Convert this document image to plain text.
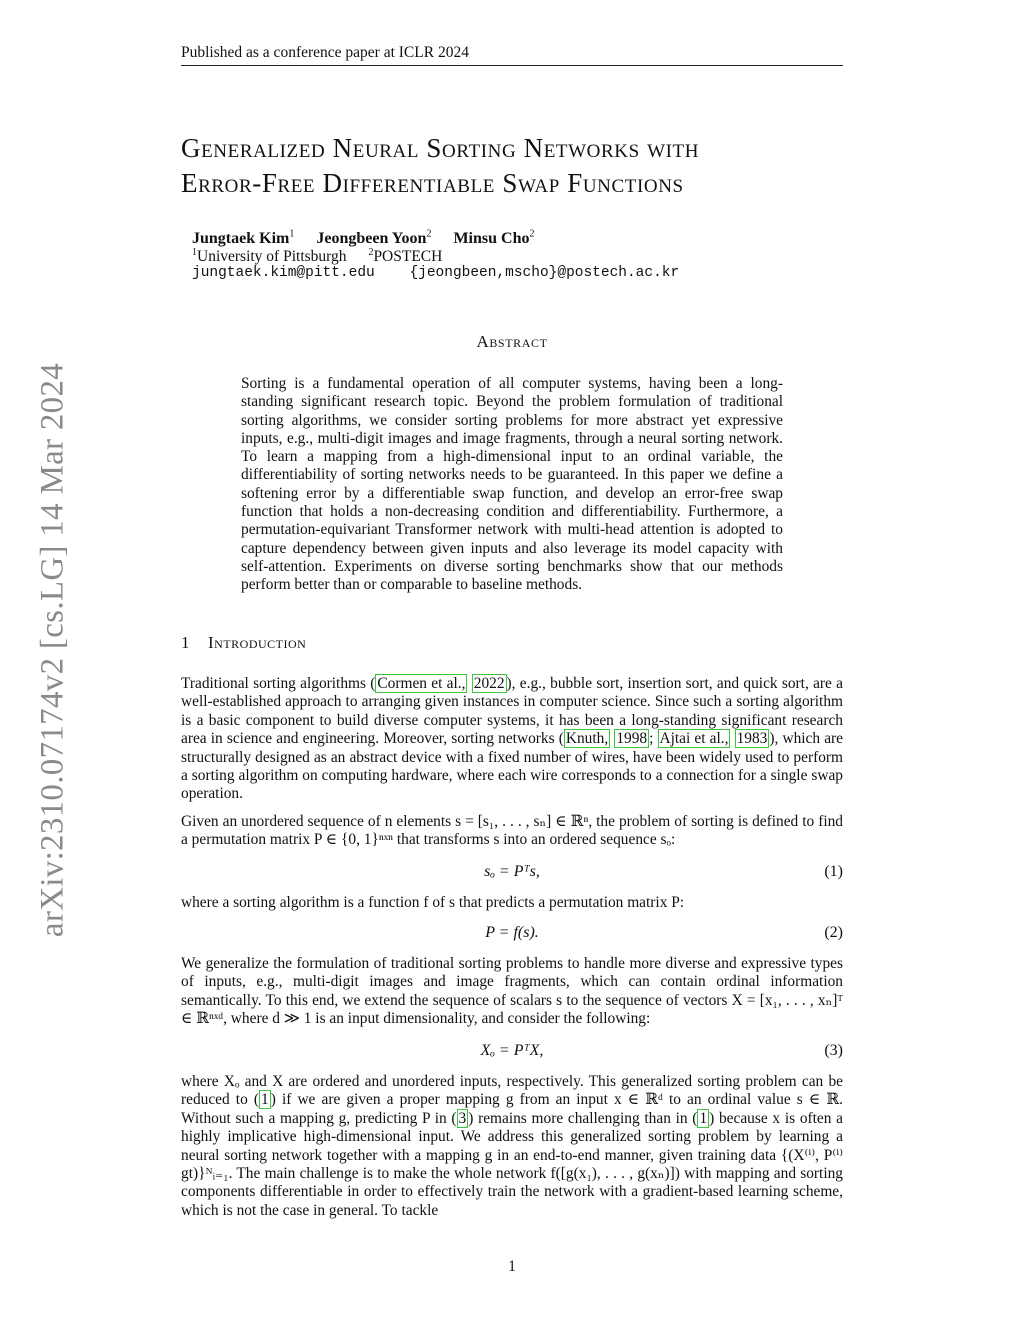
Published as a conference paper at ICLR 2024
arXiv:2310.07174v2 [cs.LG] 14 Mar 2024
Generalized Neural Sorting Networks with
Error-Free Differentiable Swap Functions
Jungtaek Kim$^1$ Jeongbeen Yoon$^2$ Minsu Cho$^2$
$^1$University of Pittsburgh $^2$POSTECH
jungtaek.kim@pitt.edu {jeongbeen,mscho}@postech.ac.kr
Abstract
Sorting is a fundamental operation of all computer systems, having been a long-standing significant research topic. Beyond the problem formulation of traditional sorting algorithms, we consider sorting problems for more abstract yet expressive inputs, e.g., multi-digit images and image fragments, through a neural sorting network. To learn a mapping from a high-dimensional input to an ordinal variable, the differentiability of sorting networks needs to be guaranteed. In this paper we define a softening error by a differentiable swap function, and develop an error-free swap function that holds a non-decreasing condition and differentiability. Furthermore, a permutation-equivariant Transformer network with multi-head attention is adopted to capture dependency between given inputs and also leverage its model capacity with self-attention. Experiments on diverse sorting benchmarks show that our methods perform better than or comparable to baseline methods.
1 Introduction
Traditional sorting algorithms ( Cormen et al., 2022 ), e.g., bubble sort, insertion sort, and quick sort, are a well-established approach to arranging given instances in computer science. Since such a sorting algorithm is a basic component to build diverse computer systems, it has been a long-standing significant research area in science and engineering. Moreover, sorting networks ( Knuth, 1998 ; Ajtai et al., 1983 ), which are structurally designed as an abstract device with a fixed number of wires, have been widely used to perform a sorting algorithm on computing hardware, where each wire corresponds to a connection for a single swap operation.
Given an unordered sequence of n elements s = [s₁, . . . , sₙ] ∈ ℝⁿ, the problem of sorting is defined to find a permutation matrix P ∈ {0, 1}ⁿˣⁿ that transforms s into an ordered sequence sₒ:
sₒ = Pᵀs,	(1)
where a sorting algorithm is a function f of s that predicts a permutation matrix P:
P = f(s).	(2)
We generalize the formulation of traditional sorting problems to handle more diverse and expressive types of inputs, e.g., multi-digit images and image fragments, which can contain ordinal information semantically. To this end, we extend the sequence of scalars s to the sequence of vectors X = [x₁, . . . , xₙ]ᵀ ∈ ℝⁿˣᵈ, where d ≫ 1 is an input dimensionality, and consider the following:
Xₒ = PᵀX,	(3)
where Xₒ and X are ordered and unordered inputs, respectively. This generalized sorting problem can be reduced to ( 1 ) if we are given a proper mapping g from an input x ∈ ℝᵈ to an ordinal value s ∈ ℝ. Without such a mapping g, predicting P in ( 3 ) remains more challenging than in ( 1 ) because x is often a highly implicative high-dimensional input. We address this generalized sorting problem by learning a neural sorting network together with a mapping g in an end-to-end manner, given training data {(X⁽ⁱ⁾, P⁽ⁱ⁾gt)}ᴺᵢ₌₁. The main challenge is to make the whole network f([g(x₁), . . . , g(xₙ)]) with mapping and sorting components differentiable in order to effectively train the network with a gradient-based learning scheme, which is not the case in general. To tackle
1
